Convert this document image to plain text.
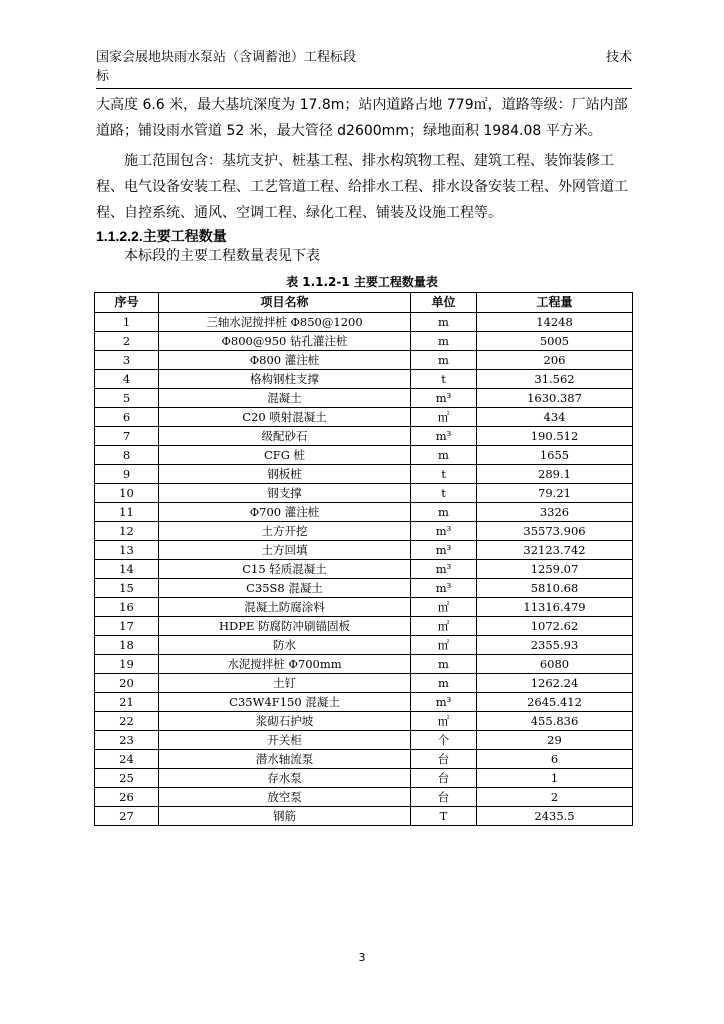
国家会展地块雨水泵站（含调蓄池）工程标段
标
技术
大高度 6.6 米，最大基坑深度为 17.8m；站内道路占地 779㎡，道路等级：厂站内部道路；铺设雨水管道 52 米，最大管径 d2600mm；绿地面积 1984.08 平方米。
施工范围包含：基坑支护、桩基工程、排水构筑物工程、建筑工程、装饰装修工程、电气设备安装工程、工艺管道工程、给排水工程、排水设备安装工程、外网管道工程、自控系统、通风、空调工程、绿化工程、铺装及设施工程等。
1.1.2.2.主要工程数量
本标段的主要工程数量表见下表
表 1.1.2-1 主要工程数量表
序号	项目名称	单位	工程量
1	三轴水泥搅拌桩 Φ850@1200	m	14248
2	Φ800@950 钻孔灌注桩	m	5005
3	Φ800 灌注桩	m	206
4	格构钢柱支撑	t	31.562
5	混凝土	m³	1630.387
6	C20 喷射混凝土	㎡	434
7	级配砂石	m³	190.512
8	CFG 桩	m	1655
9	钢板桩	t	289.1
10	钢支撑	t	79.21
11	Φ700 灌注桩	m	3326
12	土方开挖	m³	35573.906
13	土方回填	m³	32123.742
14	C15 轻质混凝土	m³	1259.07
15	C35S8 混凝土	m³	5810.68
16	混凝土防腐涂料	㎡	11316.479
17	HDPE 防腐防冲刷锚固板	㎡	1072.62
18	防水	㎡	2355.93
19	水泥搅拌桩 Φ700mm	m	6080
20	土钉	m	1262.24
21	C35W4F150 混凝土	m³	2645.412
22	浆砌石护坡	㎡	455.836
23	开关柜	个	29
24	潜水轴流泵	台	6
25	存水泵	台	1
26	放空泵	台	2
27	钢筋	T	2435.5
3
